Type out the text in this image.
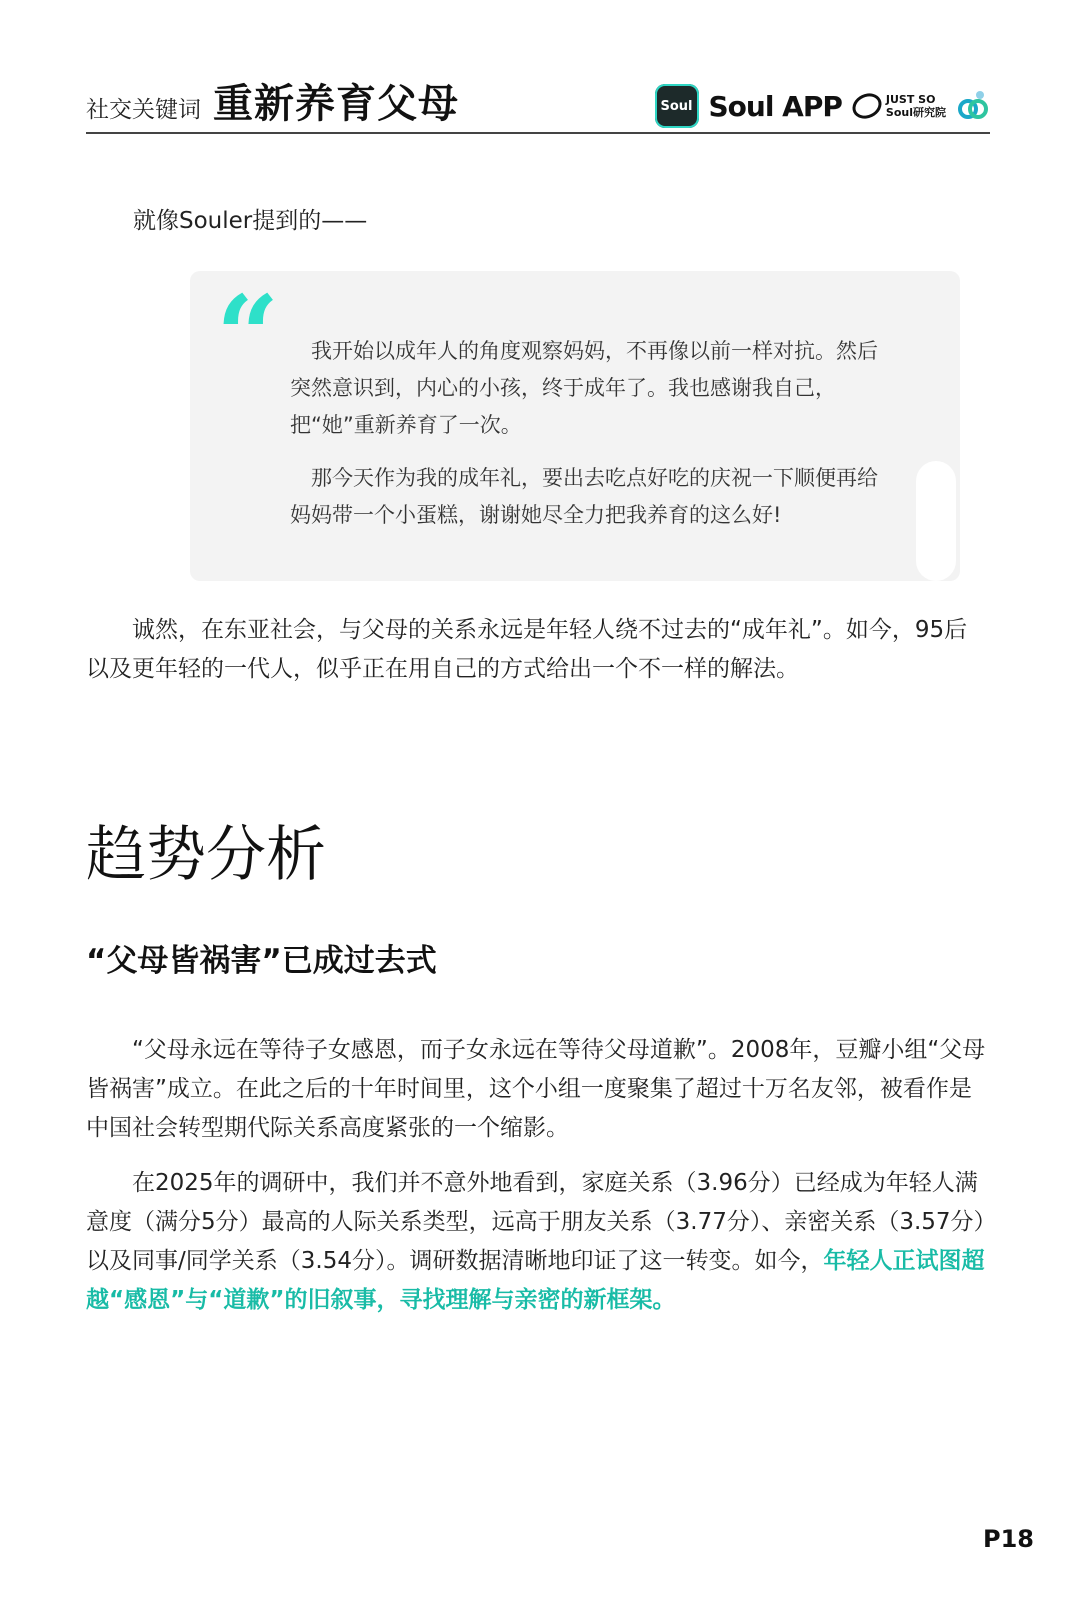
社交关键词 重新养育父母	Soul Soul APP	JUST SO
Soul研究院

就像Souler提到的——

“	我开始以成年人的角度观察妈妈，不再像以前一样对抗。然后突然意识到，内心的小孩，终于成年了。我也感谢我自己，把“她”重新养育了一次。

那今天作为我的成年礼，要出去吃点好吃的庆祝一下顺便再给妈妈带一个小蛋糕，谢谢她尽全力把我养育的这么好!

诚然，在东亚社会，与父母的关系永远是年轻人绕不过去的“成年礼”。如今，95后以及更年轻的一代人，似乎正在用自己的方式给出一个不一样的解法。

趋势分析
“父母皆祸害”已成过去式

“父母永远在等待子女感恩，而子女永远在等待父母道歉”。2008年，豆瓣小组“父母皆祸害”成立。在此之后的十年时间里，这个小组一度聚集了超过十万名友邻，被看作是中国社会转型期代际关系高度紧张的一个缩影。

在2025年的调研中，我们并不意外地看到，家庭关系（3.96分）已经成为年轻人满意度（满分5分）最高的人际关系类型，远高于朋友关系（3.77分）、亲密关系（3.57分）以及同事/同学关系（3.54分）。调研数据清晰地印证了这一转变。如今，年轻人正试图超越“感恩”与“道歉”的旧叙事，寻找理解与亲密的新框架。

P18
